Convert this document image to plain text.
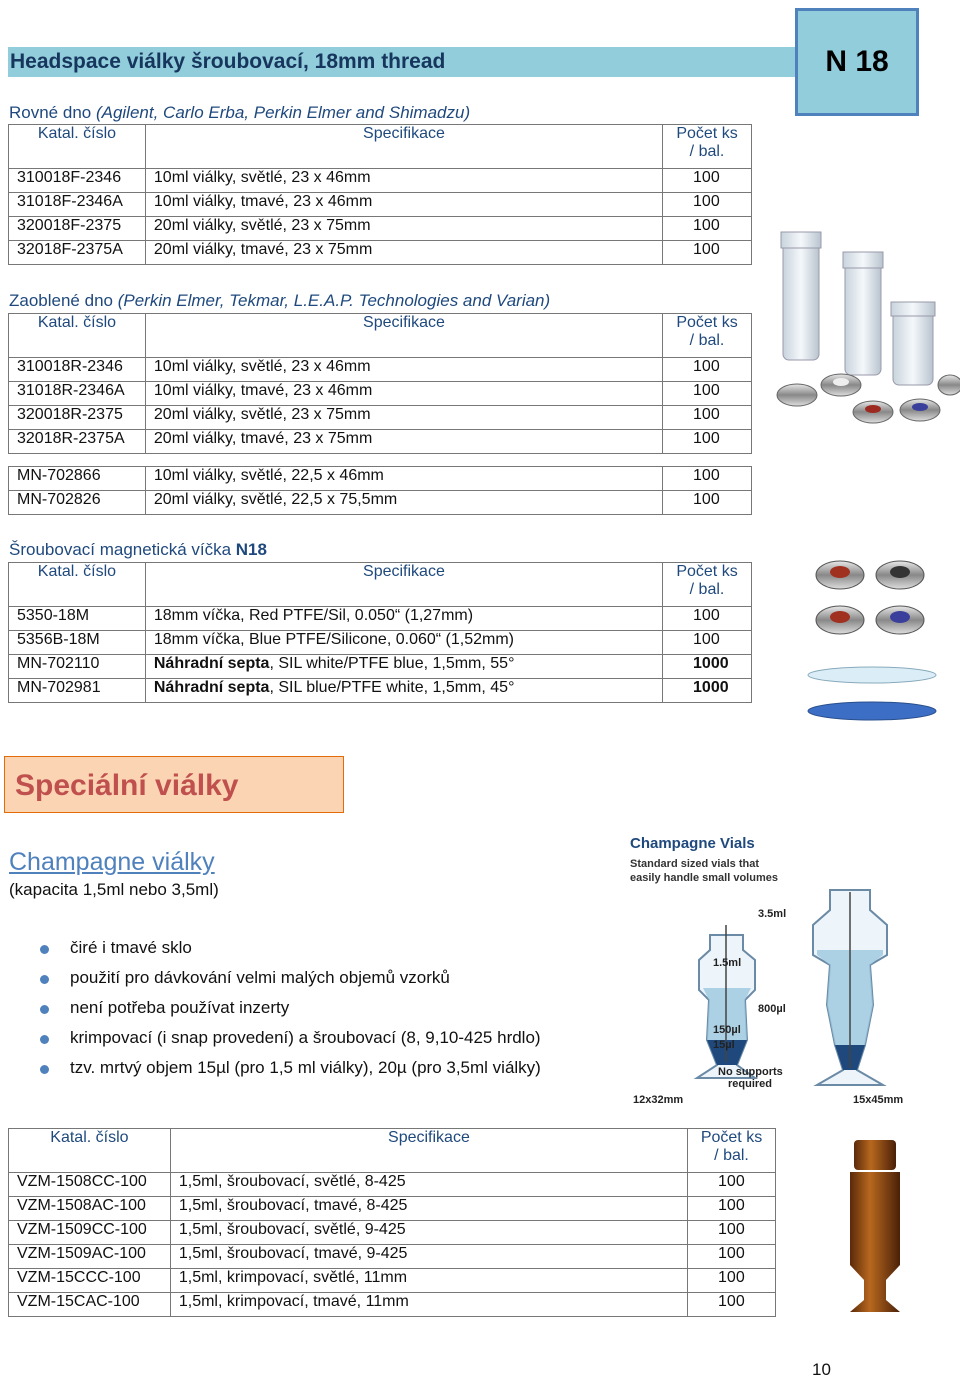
Headspace viálky šroubovací, 18mm thread	N 18
Rovné dno (Agilent, Carlo Erba, Perkin Elmer and Shimadzu)
Katal. číslo	Specifikace	Počet ks
/ bal.
310018F-2346	10ml viálky, světlé, 23 x 46mm	100
31018F-2346A	10ml viálky, tmavé, 23 x 46mm	100
320018F-2375	20ml viálky, světlé, 23 x 75mm	100
32018F-2375A	20ml viálky, tmavé, 23 x 75mm	100
Zaoblené dno (Perkin Elmer, Tekmar, L.E.A.P. Technologies and Varian)
Katal. číslo	Specifikace	Počet ks
/ bal.
310018R-2346	10ml viálky, světlé, 23 x 46mm	100
31018R-2346A	10ml viálky, tmavé, 23 x 46mm	100
320018R-2375	20ml viálky, světlé, 23 x 75mm	100
32018R-2375A	20ml viálky, tmavé, 23 x 75mm	100
MN-702866	10ml viálky, světlé, 22,5 x 46mm	100
MN-702826	20ml viálky, světlé, 22,5 x 75,5mm	100
Šroubovací magnetická víčka N18
Katal. číslo	Specifikace	Počet ks
/ bal.
5350-18M	18mm víčka, Red PTFE/Sil, 0.050“ (1,27mm)	100
5356B-18M	18mm víčka, Blue PTFE/Silicone, 0.060“ (1,52mm)	100
MN-702110	Náhradní septa, SIL white/PTFE blue, 1,5mm, 55°	1000
MN-702981	Náhradní septa, SIL blue/PTFE white, 1,5mm, 45°	1000
Speciální viálky
Champagne viálky
(kapacita 1,5ml nebo 3,5ml)
čiré i tmavé sklo
použití pro dávkování velmi malých objemů vzorků
není potřeba používat inzerty
krimpovací (i snap provedení) a šroubovací (8, 9,10-425 hrdlo)
tzv. mrtvý objem 15µl (pro 1,5 ml viálky), 20µ (pro 3,5ml viálky)
Champagne Vials
Standard sized vials that
easily handle small volumes
3.5ml
1.5ml
800µl
150µl
15µl
No supports
required
12x32mm	15x45mm
Katal. číslo	Specifikace	Počet ks
/ bal.
VZM-1508CC-100	1,5ml, šroubovací, světlé, 8-425	100
VZM-1508AC-100	1,5ml, šroubovací, tmavé, 8-425	100
VZM-1509CC-100	1,5ml, šroubovací, světlé, 9-425	100
VZM-1509AC-100	1,5ml, šroubovací, tmavé, 9-425	100
VZM-15CCC-100	1,5ml, krimpovací, světlé, 11mm	100
VZM-15CAC-100	1,5ml, krimpovací, tmavé, 11mm	100
10
